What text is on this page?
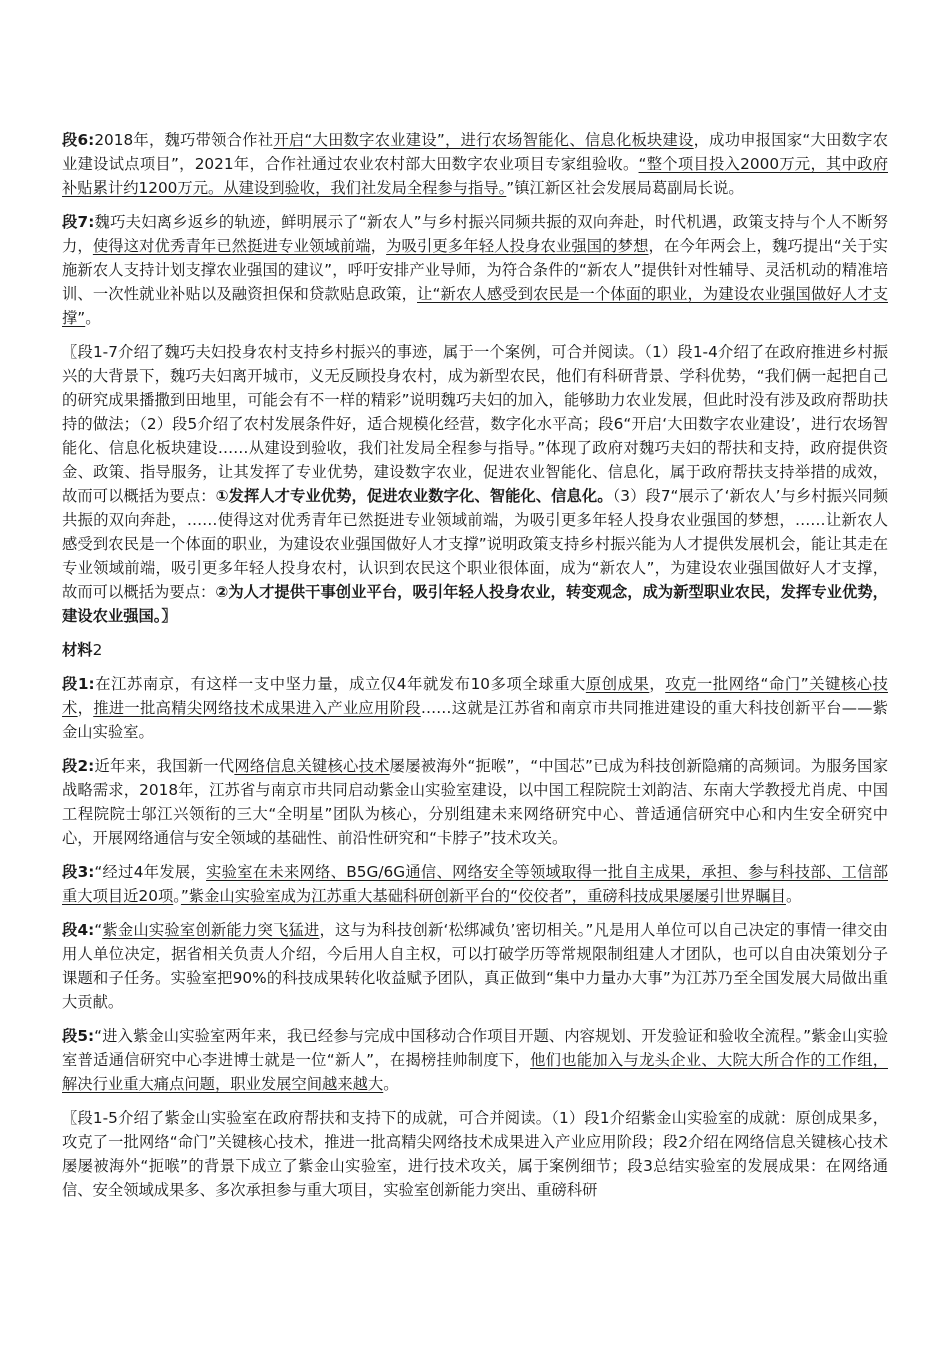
段6:2018年，魏巧带领合作社开启“大田数字农业建设”，进行农场智能化、信息化板块建设，成功申报国家“大田数字农业建设试点项目”，2021年，合作社通过农业农村部大田数字农业项目专家组验收。“整个项目投入2000万元，其中政府补贴累计约1200万元。从建设到验收，我们社发局全程参与指导。”镇江新区社会发展局葛副局长说。

段7:魏巧夫妇离乡返乡的轨迹，鲜明展示了“新农人”与乡村振兴同频共振的双向奔赴，时代机遇，政策支持与个人不断努力，使得这对优秀青年已然挺进专业领域前端，为吸引更多年轻人投身农业强国的梦想，在今年两会上，魏巧提出“关于实施新农人支持计划支撑农业强国的建议”，呼吁安排产业导师，为符合条件的“新农人”提供针对性辅导、灵活机动的精准培训、一次性就业补贴以及融资担保和贷款贴息政策，让“新农人感受到农民是一个体面的职业，为建设农业强国做好人才支撑”。

〖段1-7介绍了魏巧夫妇投身农村支持乡村振兴的事迹，属于一个案例，可合并阅读。（1）段1-4介绍了在政府推进乡村振兴的大背景下，魏巧夫妇离开城市，义无反顾投身农村，成为新型农民，他们有科研背景、学科优势，“我们俩一起把自己的研究成果播撒到田地里，可能会有不一样的精彩”说明魏巧夫妇的加入，能够助力农业发展，但此时没有涉及政府帮助扶持的做法；（2）段5介绍了农村发展条件好，适合规模化经营，数字化水平高；段6“开启‘大田数字农业建设’，进行农场智能化、信息化板块建设……从建设到验收，我们社发局全程参与指导。”体现了政府对魏巧夫妇的帮扶和支持，政府提供资金、政策、指导服务，让其发挥了专业优势，建设数字农业，促进农业智能化、信息化，属于政府帮扶支持举措的成效，故而可以概括为要点：①发挥人才专业优势，促进农业数字化、智能化、信息化。（3）段7“展示了‘新农人’与乡村振兴同频共振的双向奔赴，……使得这对优秀青年已然挺进专业领域前端，为吸引更多年轻人投身农业强国的梦想，……让新农人感受到农民是一个体面的职业，为建设农业强国做好人才支撑”说明政策支持乡村振兴能为人才提供发展机会，能让其走在专业领域前端，吸引更多年轻人投身农村，认识到农民这个职业很体面，成为“新农人”，为建设农业强国做好人才支撑，故而可以概括为要点：②为人才提供干事创业平台，吸引年轻人投身农业，转变观念，成为新型职业农民，发挥专业优势，建设农业强国。〗

材料2

段1:在江苏南京，有这样一支中坚力量，成立仅4年就发布10多项全球重大原创成果，攻克一批网络“命门”关键核心技术，推进一批高精尖网络技术成果进入产业应用阶段……这就是江苏省和南京市共同推进建设的重大科技创新平台——紫金山实验室。

段2:近年来，我国新一代网络信息关键核心技术屡屡被海外“扼喉”，“中国芯”已成为科技创新隐痛的高频词。为服务国家战略需求，2018年，江苏省与南京市共同启动紫金山实验室建设，以中国工程院院士刘韵洁、东南大学教授尤肖虎、中国工程院院士邬江兴领衔的三大“全明星”团队为核心，分别组建未来网络研究中心、普适通信研究中心和内生安全研究中心，开展网络通信与安全领域的基础性、前沿性研究和“卡脖子”技术攻关。

段3:“经过4年发展，实验室在未来网络、B5G/6G通信、网络安全等领域取得一批自主成果，承担、参与科技部、工信部重大项目近20项。”紫金山实验室成为江苏重大基础科研创新平台的“佼佼者”，重磅科技成果屡屡引世界瞩目。

段4:“紫金山实验室创新能力突飞猛进，这与为科技创新‘松绑减负’密切相关。”凡是用人单位可以自己决定的事情一律交由用人单位决定，据省相关负责人介绍，今后用人自主权，可以打破学历等常规限制组建人才团队，也可以自由决策划分子课题和子任务。实验室把90%的科技成果转化收益赋予团队，真正做到“集中力量办大事”为江苏乃至全国发展大局做出重大贡献。

段5:“进入紫金山实验室两年来，我已经参与完成中国移动合作项目开题、内容规划、开发验证和验收全流程。”紫金山实验室普适通信研究中心李进博士就是一位“新人”，在揭榜挂帅制度下，他们也能加入与龙头企业、大院大所合作的工作组，解决行业重大痛点问题，职业发展空间越来越大。

〖段1-5介绍了紫金山实验室在政府帮扶和支持下的成就，可合并阅读。（1）段1介绍紫金山实验室的成就：原创成果多，攻克了一批网络“命门”关键核心技术，推进一批高精尖网络技术成果进入产业应用阶段；段2介绍在网络信息关键核心技术屡屡被海外“扼喉”的背景下成立了紫金山实验室，进行技术攻关，属于案例细节；段3总结实验室的发展成果：在网络通信、安全领域成果多、多次承担参与重大项目，实验室创新能力突出、重磅科研
